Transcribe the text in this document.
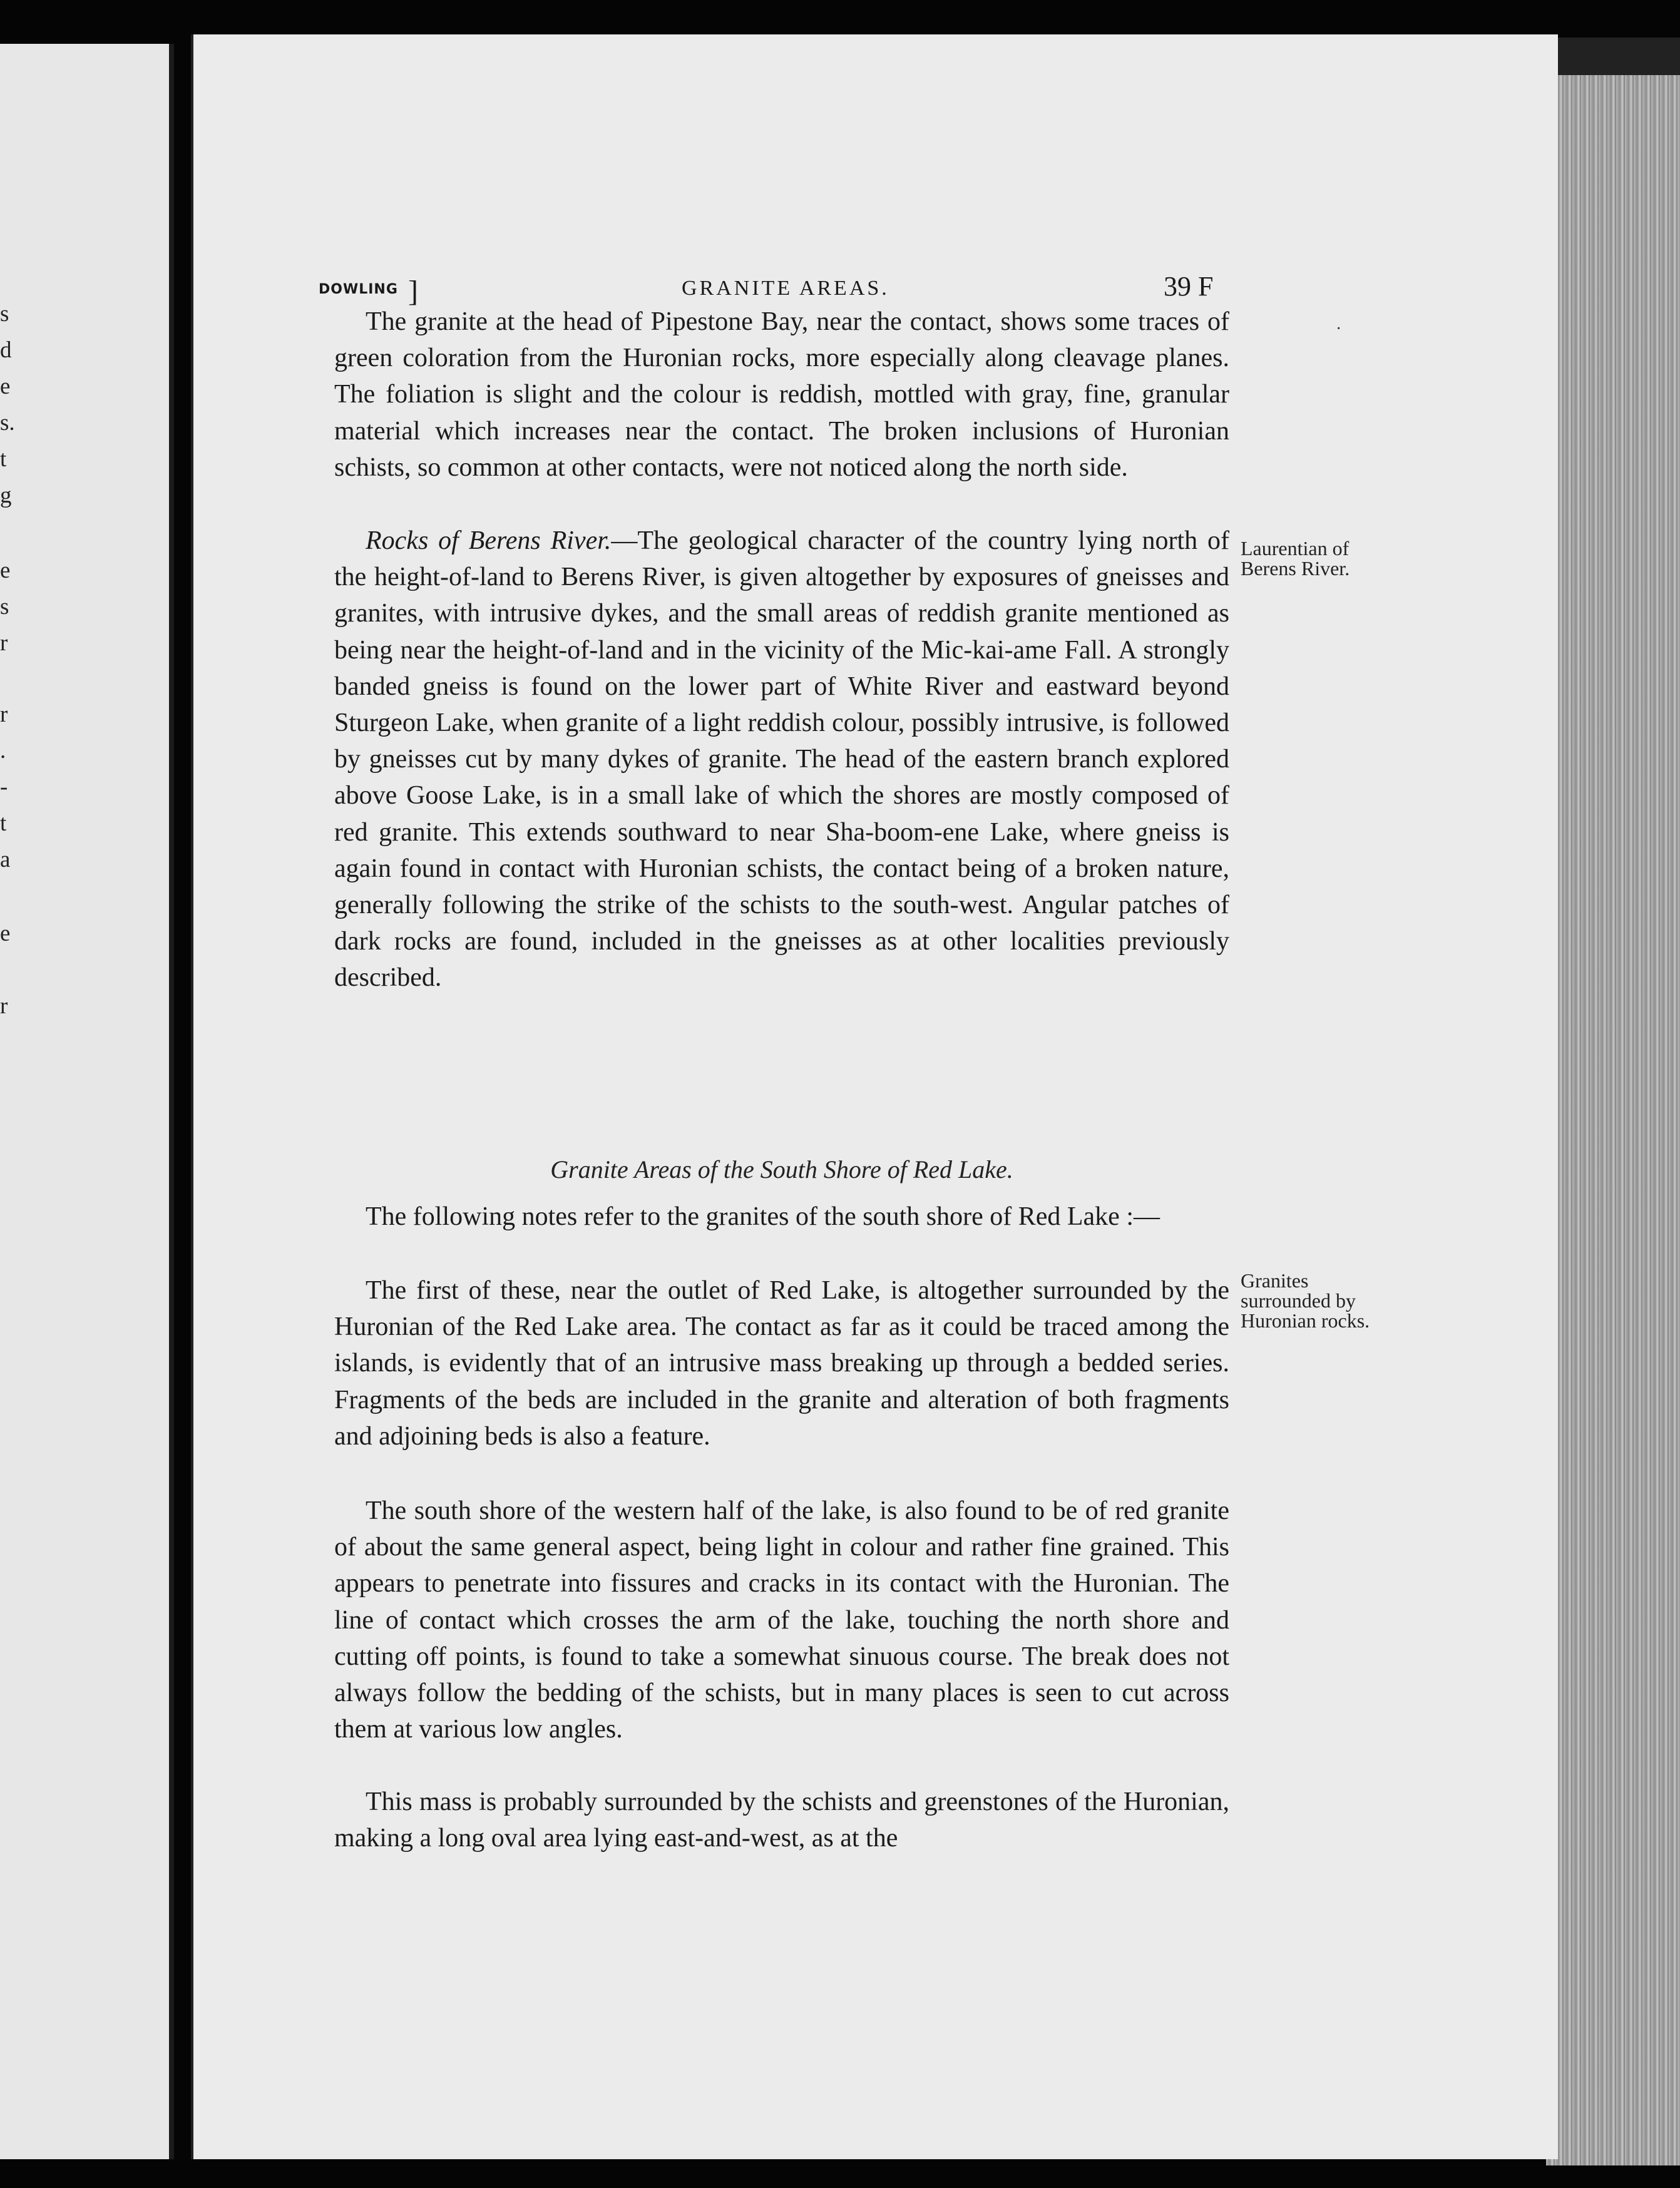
s
d
e
s.
t
g
e
s
r
r
.
-
t
a
e
r
DOWLING ]	GRANITE AREAS.	39 F

The granite at the head of Pipestone Bay, near the contact, shows some traces of green coloration from the Huronian rocks, more especially along cleavage planes. The foliation is slight and the colour is reddish, mottled with gray, fine, granular material which increases near the contact. The broken inclusions of Huronian schists, so common at other contacts, were not noticed along the north side.

Rocks of Berens River.—The geological character of the country lying north of the height-of-land to Berens River, is given altogether by exposures of gneisses and granites, with intrusive dykes, and the small areas of reddish granite mentioned as being near the height-of-land and in the vicinity of the Mic-kai-ame Fall. A strongly banded gneiss is found on the lower part of White River and eastward beyond Sturgeon Lake, when granite of a light reddish colour, possibly intrusive, is followed by gneisses cut by many dykes of granite. The head of the eastern branch explored above Goose Lake, is in a small lake of which the shores are mostly composed of red granite. This extends southward to near Sha-boom-ene Lake, where gneiss is again found in contact with Huronian schists, the contact being of a broken nature, generally following the strike of the schists to the south-west. Angular patches of dark rocks are found, included in the gneisses as at other localities previously described.

Granite Areas of the South Shore of Red Lake.

The following notes refer to the granites of the south shore of Red Lake :—

The first of these, near the outlet of Red Lake, is altogether surrounded by the Huronian of the Red Lake area. The contact as far as it could be traced among the islands, is evidently that of an intrusive mass breaking up through a bedded series. Fragments of the beds are included in the granite and alteration of both fragments and adjoining beds is also a feature.

The south shore of the western half of the lake, is also found to be of red granite of about the same general aspect, being light in colour and rather fine grained. This appears to penetrate into fissures and cracks in its contact with the Huronian. The line of contact which crosses the arm of the lake, touching the north shore and cutting off points, is found to take a somewhat sinuous course. The break does not always follow the bedding of the schists, but in many places is seen to cut across them at various low angles.

This mass is probably surrounded by the schists and greenstones of the Huronian, making a long oval area lying east-and-west, as at the

Laurentian of Berens River.
Granites surrounded by Huronian rocks.
·
